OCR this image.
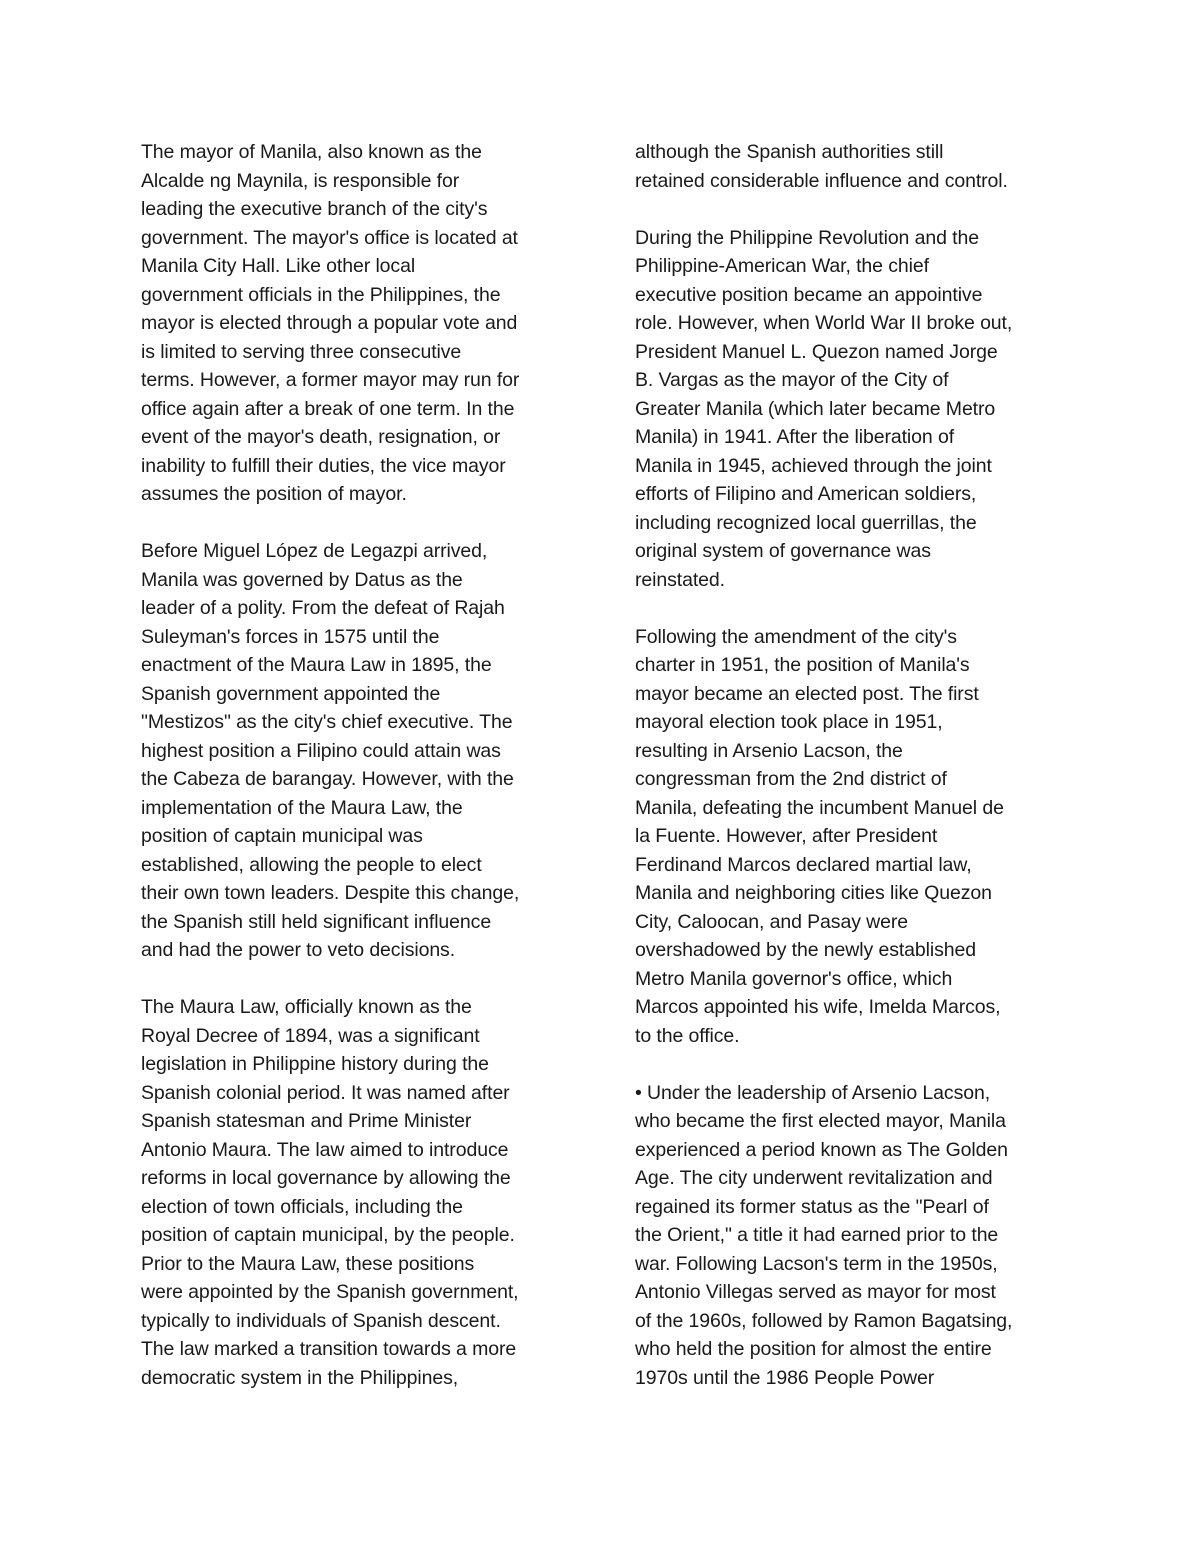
The mayor of Manila, also known as the
Alcalde ng Maynila, is responsible for
leading the executive branch of the city's
government. The mayor's office is located at
Manila City Hall. Like other local
government officials in the Philippines, the
mayor is elected through a popular vote and
is limited to serving three consecutive
terms. However, a former mayor may run for
office again after a break of one term. In the
event of the mayor's death, resignation, or
inability to fulfill their duties, the vice mayor
assumes the position of mayor.
Before Miguel López de Legazpi arrived,
Manila was governed by Datus as the
leader of a polity. From the defeat of Rajah
Suleyman's forces in 1575 until the
enactment of the Maura Law in 1895, the
Spanish government appointed the
"Mestizos" as the city's chief executive. The
highest position a Filipino could attain was
the Cabeza de barangay. However, with the
implementation of the Maura Law, the
position of captain municipal was
established, allowing the people to elect
their own town leaders. Despite this change,
the Spanish still held significant influence
and had the power to veto decisions.
The Maura Law, officially known as the
Royal Decree of 1894, was a significant
legislation in Philippine history during the
Spanish colonial period. It was named after
Spanish statesman and Prime Minister
Antonio Maura. The law aimed to introduce
reforms in local governance by allowing the
election of town officials, including the
position of captain municipal, by the people.
Prior to the Maura Law, these positions
were appointed by the Spanish government,
typically to individuals of Spanish descent.
The law marked a transition towards a more
democratic system in the Philippines,
although the Spanish authorities still
retained considerable influence and control.
During the Philippine Revolution and the
Philippine-American War, the chief
executive position became an appointive
role. However, when World War II broke out,
President Manuel L. Quezon named Jorge
B. Vargas as the mayor of the City of
Greater Manila (which later became Metro
Manila) in 1941. After the liberation of
Manila in 1945, achieved through the joint
efforts of Filipino and American soldiers,
including recognized local guerrillas, the
original system of governance was
reinstated.
Following the amendment of the city's
charter in 1951, the position of Manila's
mayor became an elected post. The first
mayoral election took place in 1951,
resulting in Arsenio Lacson, the
congressman from the 2nd district of
Manila, defeating the incumbent Manuel de
la Fuente. However, after President
Ferdinand Marcos declared martial law,
Manila and neighboring cities like Quezon
City, Caloocan, and Pasay were
overshadowed by the newly established
Metro Manila governor's office, which
Marcos appointed his wife, Imelda Marcos,
to the office.
• Under the leadership of Arsenio Lacson,
who became the first elected mayor, Manila
experienced a period known as The Golden
Age. The city underwent revitalization and
regained its former status as the "Pearl of
the Orient," a title it had earned prior to the
war. Following Lacson's term in the 1950s,
Antonio Villegas served as mayor for most
of the 1960s, followed by Ramon Bagatsing,
who held the position for almost the entire
1970s until the 1986 People Power
